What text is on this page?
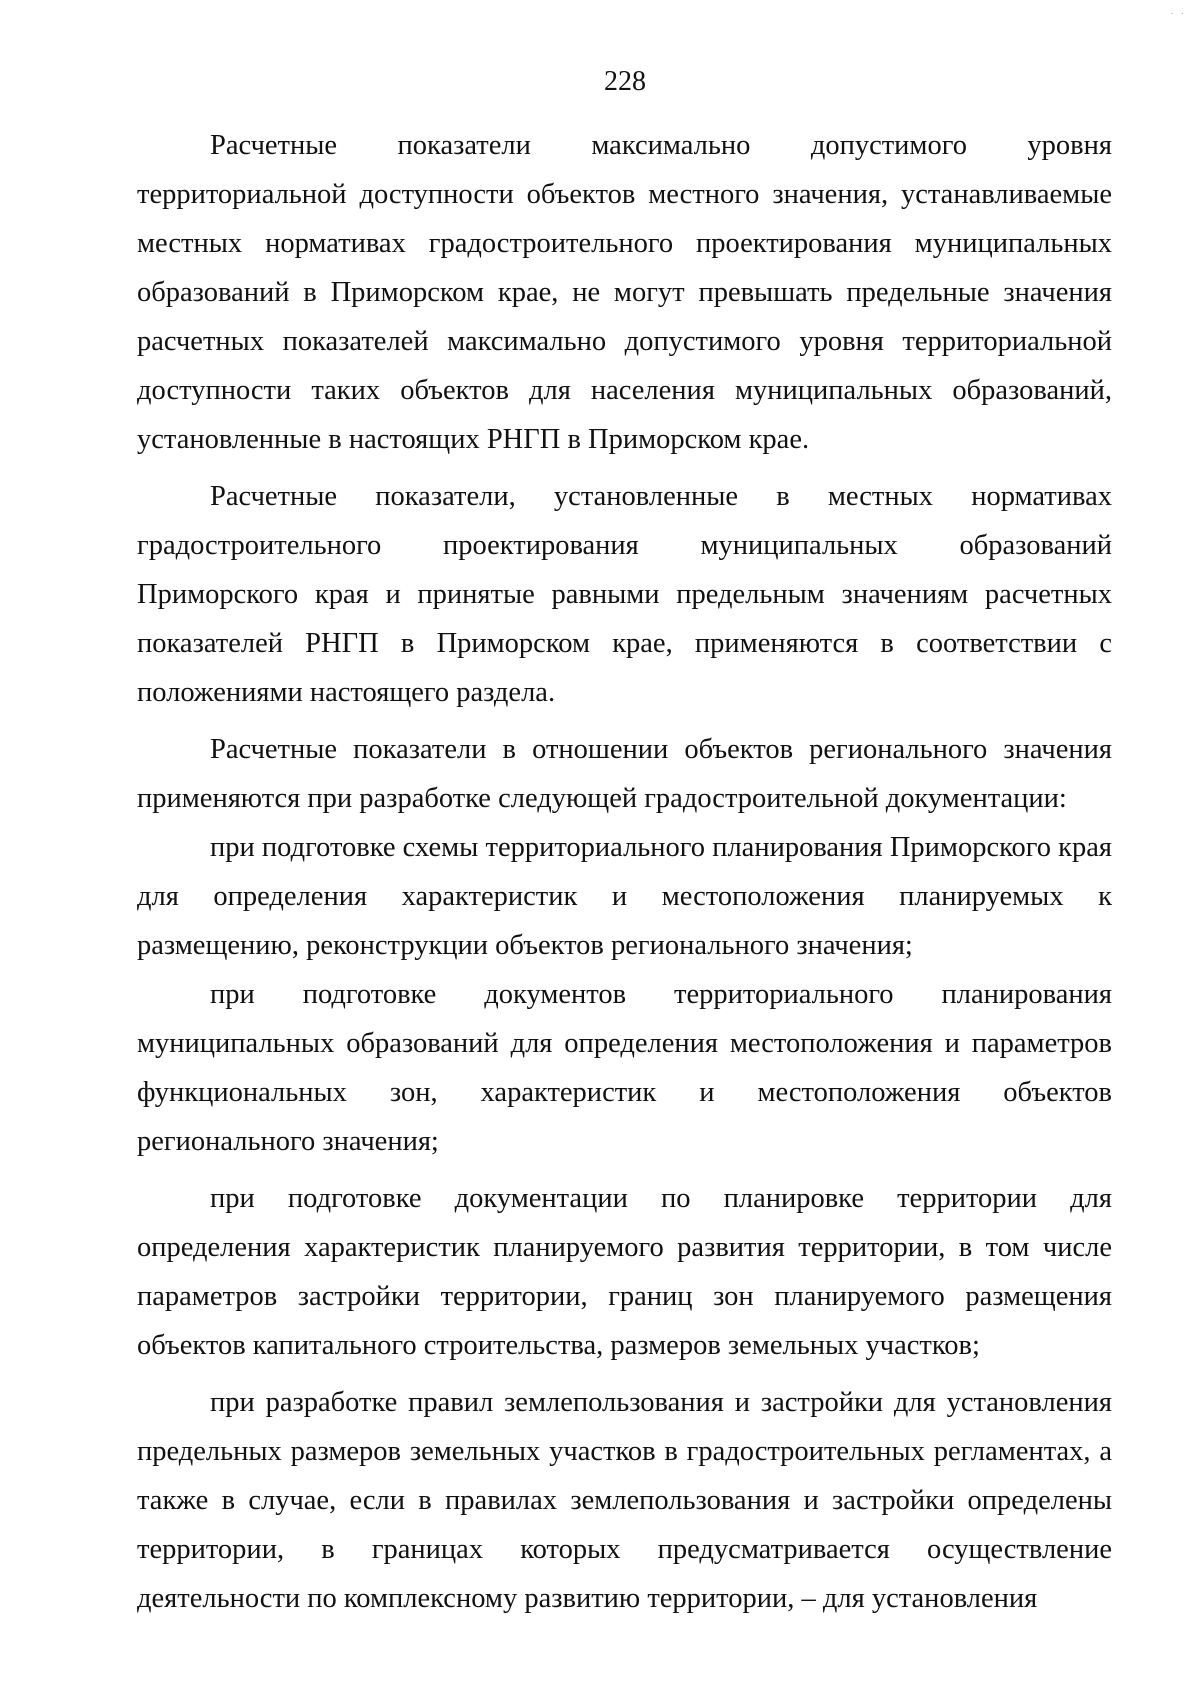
· ·
228

Расчетные показатели максимально допустимого уровня территориальной доступности объектов местного значения, устанавливаемые местных нормативах градостроительного проектирования муниципальных образований в Приморском крае, не могут превышать предельные значения расчетных показателей максимально допустимого уровня территориальной доступности таких объектов для населения муниципальных образований, установленные в настоящих РНГП в Приморском крае.

Расчетные показатели, установленные в местных нормативах градостроительного проектирования муниципальных образований Приморского края и принятые равными предельным значениям расчетных показателей РНГП в Приморском крае, применяются в соответствии с положениями настоящего раздела.

Расчетные показатели в отношении объектов регионального значения применяются при разработке следующей градостроительной документации:

при подготовке схемы территориального планирования Приморского края для определения характеристик и местоположения планируемых к размещению, реконструкции объектов регионального значения;

при подготовке документов территориального планирования муниципальных образований для определения местоположения и параметров функциональных зон, характеристик и местоположения объектов регионального значения;

при подготовке документации по планировке территории для определения характеристик планируемого развития территории, в том числе параметров застройки территории, границ зон планируемого размещения объектов капитального строительства, размеров земельных участков;

при разработке правил землепользования и застройки для установления предельных размеров земельных участков в градостроительных регламентах, а также в случае, если в правилах землепользования и застройки определены территории, в границах которых предусматривается осуществление деятельности по комплексному развитию территории, – для установления
